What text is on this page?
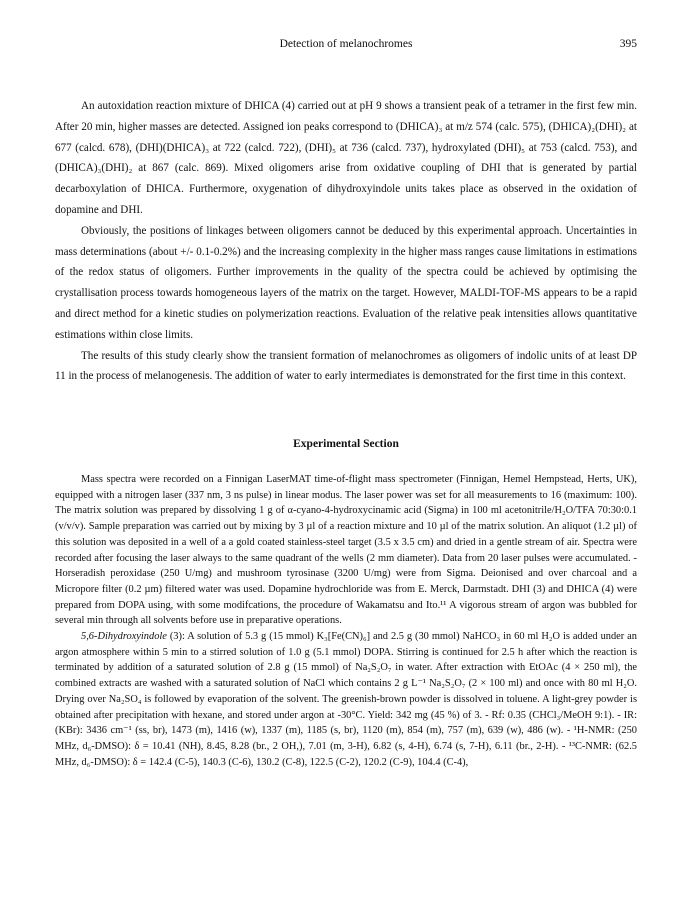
Detection of melanochromes	395

An autoxidation reaction mixture of DHICA (4) carried out at pH 9 shows a transient peak of a tetramer in the first few min. After 20 min, higher masses are detected. Assigned ion peaks correspond to (DHICA)₃ at m/z 574 (calc. 575), (DHICA)₂(DHI)₂ at 677 (calcd. 678), (DHI)(DHICA)₃ at 722 (calcd. 722), (DHI)₅ at 736 (calcd. 737), hydroxylated (DHI)₅ at 753 (calcd. 753), and (DHICA)₃(DHI)₂ at 867 (calc. 869). Mixed oligomers arise from oxidative coupling of DHI that is generated by partial decarboxylation of DHICA. Furthermore, oxygenation of dihydroxyindole units takes place as observed in the oxidation of dopamine and DHI.

Obviously, the positions of linkages between oligomers cannot be deduced by this experimental approach. Uncertainties in mass determinations (about +/- 0.1-0.2%) and the increasing complexity in the higher mass ranges cause limitations in estimations of the redox status of oligomers. Further improvements in the quality of the spectra could be achieved by optimising the crystallisation process towards homogeneous layers of the matrix on the target. However, MALDI-TOF-MS appears to be a rapid and direct method for a kinetic studies on polymerization reactions. Evaluation of the relative peak intensities allows quantitative estimations within close limits.

The results of this study clearly show the transient formation of melanochromes as oligomers of indolic units of at least DP 11 in the process of melanogenesis. The addition of water to early intermediates is demonstrated for the first time in this context.

Experimental Section

Mass spectra were recorded on a Finnigan LaserMAT time-of-flight mass spectrometer (Finnigan, Hemel Hempstead, Herts, UK), equipped with a nitrogen laser (337 nm, 3 ns pulse) in linear modus. The laser power was set for all measurements to 16 (maximum: 100). The matrix solution was prepared by dissolving 1 g of α-cyano-4-hydroxycinamic acid (Sigma) in 100 ml acetonitrile/H₂O/TFA 70:30:0.1 (v/v/v). Sample preparation was carried out by mixing by 3 µl of a reaction mixture and 10 µl of the matrix solution. An aliquot (1.2 µl) of this solution was deposited in a well of a a gold coated stainless-steel target (3.5 x 3.5 cm) and dried in a gentle stream of air. Spectra were recorded after focusing the laser always to the same quadrant of the wells (2 mm diameter). Data from 20 laser pulses were accumulated. - Horseradish peroxidase (250 U/mg) and mushroom tyrosinase (3200 U/mg) were from Sigma. Deionised and over charcoal and a Micropore filter (0.2 µm) filtered water was used. Dopamine hydrochloride was from E. Merck, Darmstadt. DHI (3) and DHICA (4) were prepared from DOPA using, with some modifcations, the procedure of Wakamatsu and Ito.¹¹ A vigorous stream of argon was bubbled for several min through all solvents before use in preparative operations.

5,6-Dihydroxyindole (3): A solution of 5.3 g (15 mmol) K₃[Fe(CN)₆] and 2.5 g (30 mmol) NaHCO₃ in 60 ml H₂O is added under an argon atmosphere within 5 min to a stirred solution of 1.0 g (5.1 mmol) DOPA. Stirring is continued for 2.5 h after which the reaction is terminated by addition of a saturated solution of 2.8 g (15 mmol) of Na₂S₂O₇ in water. After extraction with EtOAc (4 × 250 ml), the combined extracts are washed with a saturated solution of NaCl which contains 2 g L⁻¹ Na₂S₂O₇ (2 × 100 ml) and once with 80 ml H₂O. Drying over Na₂SO₄ is followed by evaporation of the solvent. The greenish-brown powder is dissolved in toluene. A light-grey powder is obtained after precipitation with hexane, and stored under argon at -30°C. Yield: 342 mg (45 %) of 3. - Rf: 0.35 (CHCl₃/MeOH 9:1). - IR: (KBr): 3436 cm⁻¹ (ss, br), 1473 (m), 1416 (w), 1337 (m), 1185 (s, br), 1120 (m), 854 (m), 757 (m), 639 (w), 486 (w). - ¹H-NMR: (250 MHz, d₆-DMSO): δ = 10.41 (NH), 8.45, 8.28 (br., 2 OH,), 7.01 (m, 3-H), 6.82 (s, 4-H), 6.74 (s, 7-H), 6.11 (br., 2-H). - ¹³C-NMR: (62.5 MHz, d₆-DMSO): δ = 142.4 (C-5), 140.3 (C-6), 130.2 (C-8), 122.5 (C-2), 120.2 (C-9), 104.4 (C-4),
